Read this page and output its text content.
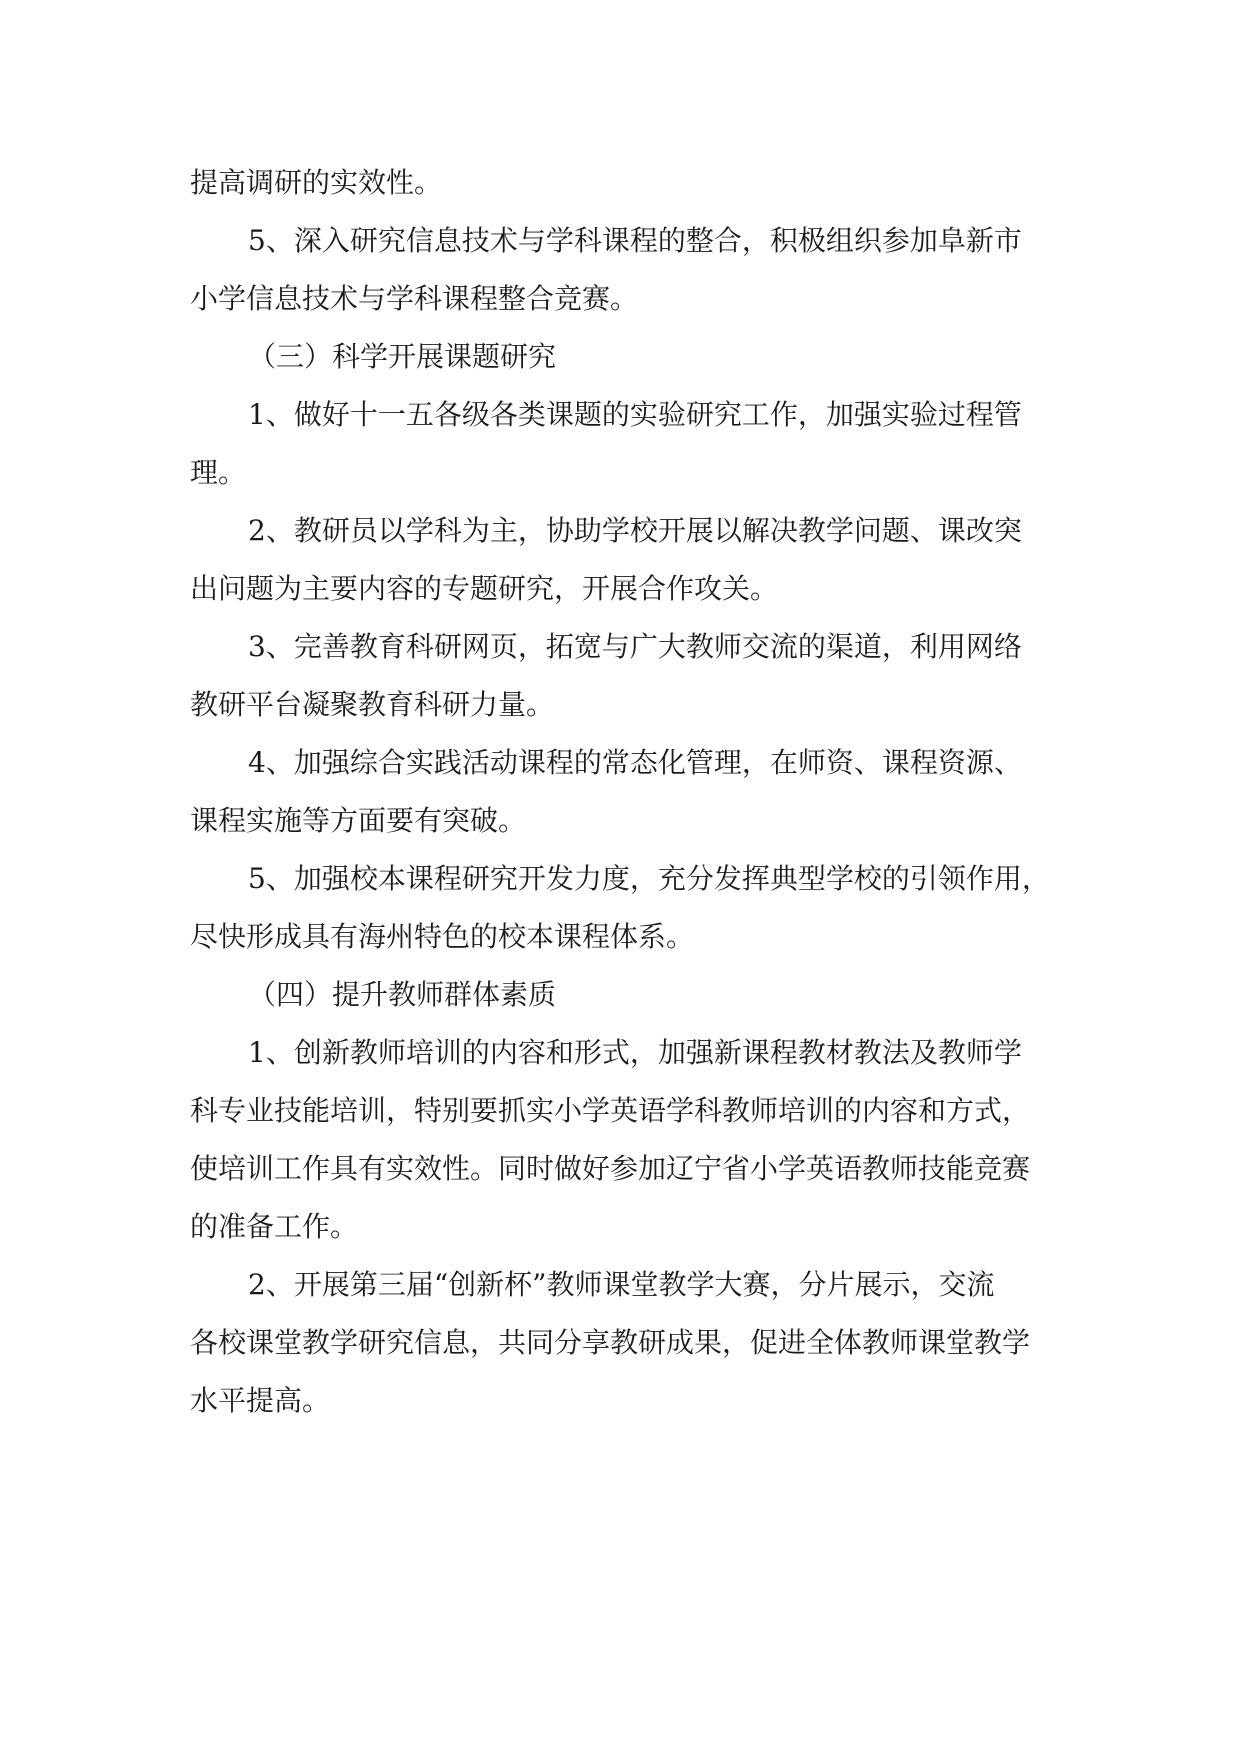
提高调研的实效性。

5、深入研究信息技术与学科课程的整合，积极组织参加阜新市
小学信息技术与学科课程整合竞赛。

（三）科学开展课题研究

1、做好十一五各级各类课题的实验研究工作，加强实验过程管
理。

2、教研员以学科为主，协助学校开展以解决教学问题、课改突
出问题为主要内容的专题研究，开展合作攻关。

3、完善教育科研网页，拓宽与广大教师交流的渠道，利用网络
教研平台凝聚教育科研力量。

4、加强综合实践活动课程的常态化管理，在师资、课程资源、
课程实施等方面要有突破。

5、加强校本课程研究开发力度，充分发挥典型学校的引领作用，
尽快形成具有海州特色的校本课程体系。

（四）提升教师群体素质

1、创新教师培训的内容和形式，加强新课程教材教法及教师学
科专业技能培训，特别要抓实小学英语学科教师培训的内容和方式，
使培训工作具有实效性。同时做好参加辽宁省小学英语教师技能竞赛
的准备工作。

2、开展第三届“创新杯”教师课堂教学大赛，分片展示，交流
各校课堂教学研究信息，共同分享教研成果，促进全体教师课堂教学
水平提高。
